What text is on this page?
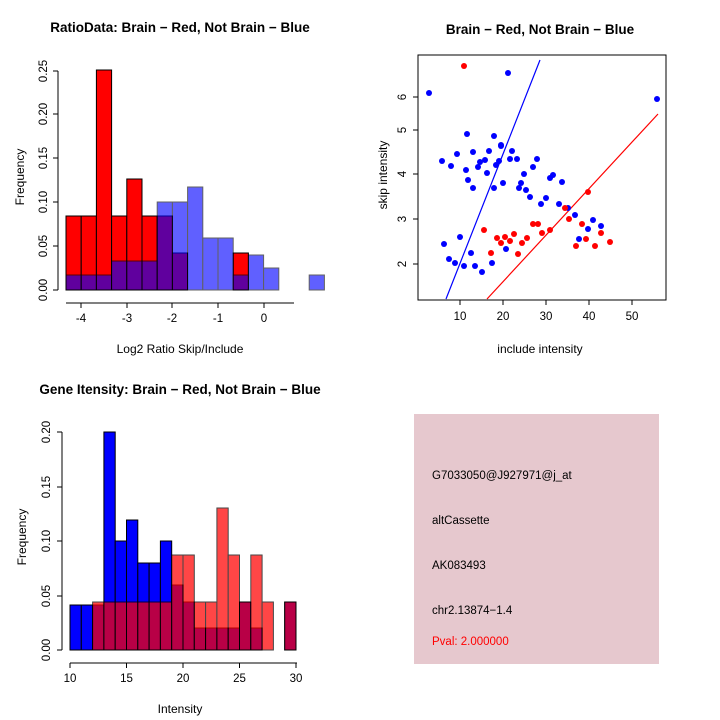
RatioData: Brain − Red, Not Brain − Blue
0.00
0.05
0.10
0.15
0.20
0.25
-4	-3	-2	-1	0
Log2 Ratio Skip/Include
Frequency
Brain − Red, Not Brain − Blue
10	20	30	40	50
2
3
4
5
6
include intensity
skip intensity
Gene Itensity: Brain − Red, Not Brain − Blue
0.00
0.05
0.10
0.15
0.20
10	15	20	25	30
Intensity
Frequency
G7033050@J927971@j_at
altCassette
AK083493
chr2.13874−1.4
Pval: 2.000000
